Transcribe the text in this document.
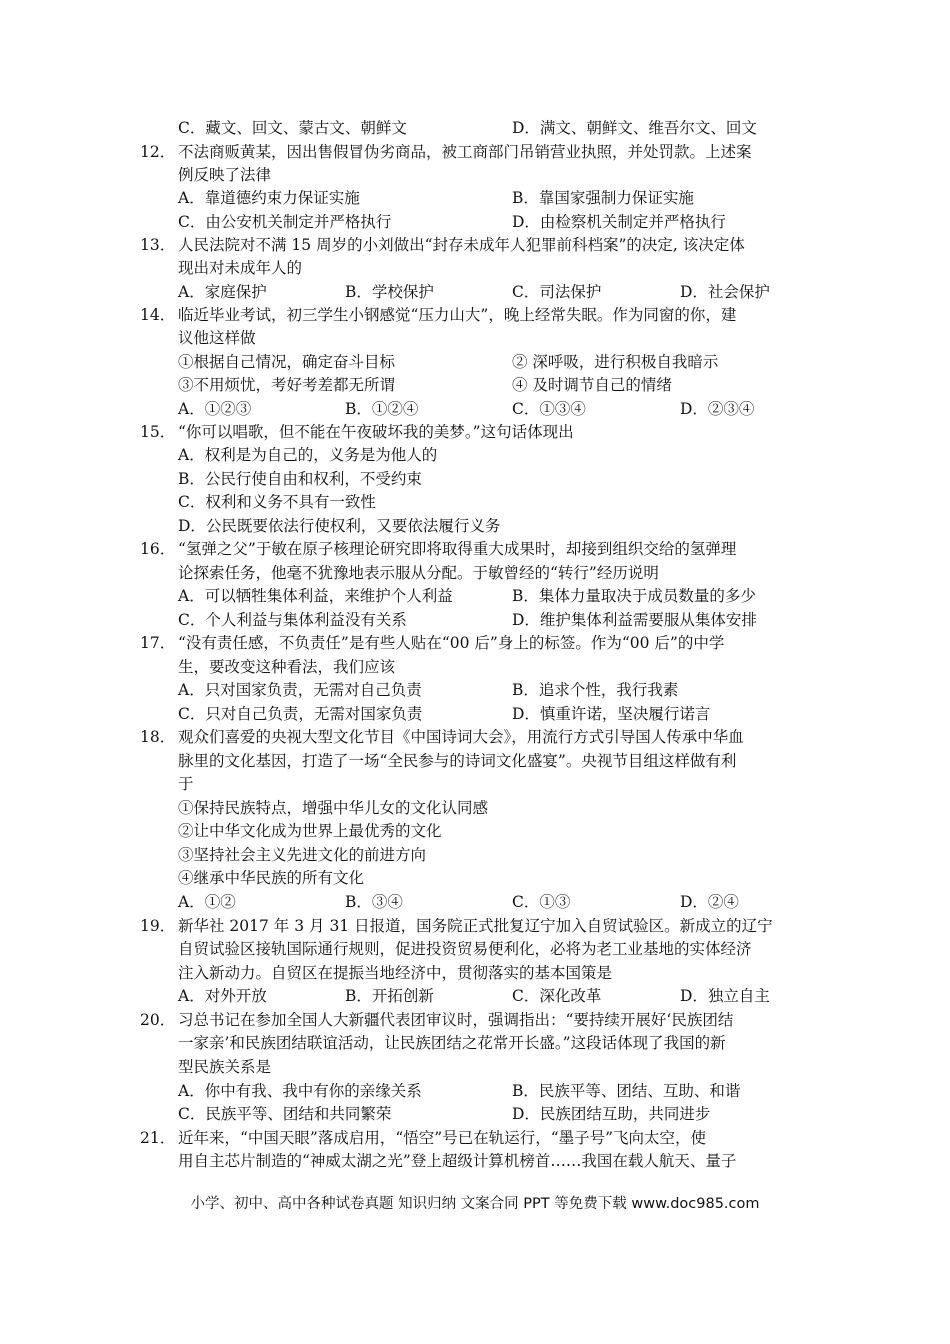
C．藏文、回文、蒙古文、朝鲜文	D．满文、朝鲜文、维吾尔文、回文
12． 不法商贩黄某，因出售假冒伪劣商品，被工商部门吊销营业执照，并处罚款。上述案
例反映了法律
A．靠道德约束力保证实施	B．靠国家强制力保证实施
C．由公安机关制定并严格执行	D．由检察机关制定并严格执行
13． 人民法院对不满 15 周岁的小刘做出“封存未成年人犯罪前科档案”的决定, 该决定体
现出对未成年人的
A．家庭保护	B．学校保护	C．司法保护	D．社会保护
14． 临近毕业考试，初三学生小钢感觉“压力山大”，晚上经常失眠。作为同窗的你，建
议他这样做
①根据自己情况，确定奋斗目标	② 深呼吸，进行积极自我暗示
③不用烦忧，考好考差都无所谓	④ 及时调节自己的情绪
A．①②③	B．①②④	C．①③④	D．②③④
15． “你可以唱歌，但不能在午夜破坏我的美梦。”这句话体现出
A．权利是为自己的，义务是为他人的
B．公民行使自由和权利，不受约束
C．权利和义务不具有一致性
D．公民既要依法行使权利，又要依法履行义务
16． “氢弹之父”于敏在原子核理论研究即将取得重大成果时，却接到组织交给的氢弹理
论探索任务，他毫不犹豫地表示服从分配。于敏曾经的“转行”经历说明
A．可以牺牲集体利益，来维护个人利益	B．集体力量取决于成员数量的多少
C．个人利益与集体利益没有关系	D．维护集体利益需要服从集体安排
17． “没有责任感，不负责任”是有些人贴在“00 后”身上的标签。作为“00 后”的中学
生，要改变这种看法，我们应该
A．只对国家负责，无需对自己负责	B．追求个性，我行我素
C．只对自己负责，无需对国家负责	D．慎重许诺，坚决履行诺言
18． 观众们喜爱的央视大型文化节目《中国诗词大会》，用流行方式引导国人传承中华血
脉里的文化基因，打造了一场“全民参与的诗词文化盛宴”。央视节目组这样做有利
于
①保持民族特点，增强中华儿女的文化认同感
②让中华文化成为世界上最优秀的文化
③坚持社会主义先进文化的前进方向
④继承中华民族的所有文化
A．①②	B．③④	C．①③	D．②④
19． 新华社 2017 年 3 月 31 日报道，国务院正式批复辽宁加入自贸试验区。新成立的辽宁
自贸试验区接轨国际通行规则，促进投资贸易便利化，必将为老工业基地的实体经济
注入新动力。自贸区在提振当地经济中，贯彻落实的基本国策是
A．对外开放	B．开拓创新	C．深化改革	D．独立自主
20． 习总书记在参加全国人大新疆代表团审议时，强调指出：“要持续开展好‘民族团结
一家亲’和民族团结联谊活动，让民族团结之花常开长盛。”这段话体现了我国的新
型民族关系是
A．你中有我、我中有你的亲缘关系	B．民族平等、团结、互助、和谐
C．民族平等、团结和共同繁荣	D．民族团结互助，共同进步
21． 近年来，“中国天眼”落成启用，“悟空”号已在轨运行，“墨子号”飞向太空，使
用自主芯片制造的“神威太湖之光”登上超级计算机榜首……我国在载人航天、量子
小学、初中、高中各种试卷真题 知识归纳 文案合同 PPT 等免费下载 www.doc985.com
